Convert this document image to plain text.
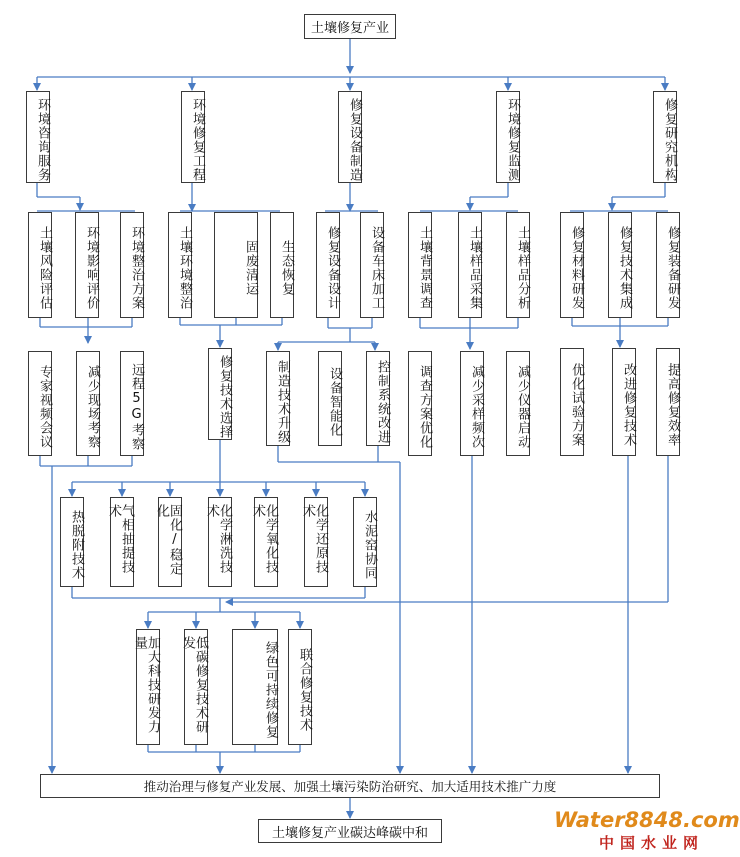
土壤修复产业
环境咨询服务	环境修复工程	修复设备制造	环境修复监测	修复研究机构
土壤风险评估	环境影响评价	环境整治方案	土壤环境整治	固废清运	生态恢复	修复设备设计	设备车床加工	土壤背景调查	土壤样品采集	土壤样品分析	修复材料研发	修复技术集成	修复装备研发
专家视频会议	减少现场考察	远程5G考察	修复技术选择	制造技术升级	设备智能化	控制系统改进	调查方案优化	减少采样频次	减少仪器启动	优化试验方案	改进修复技术	提高修复效率
热脱附技术	气相抽提技术	固化/稳定化	化学淋洗技术	化学氧化技术	化学还原技术	水泥窑协同
加大科技研发力量	低碳修复技术研发	绿色可持续修复	联合修复技术
推动治理与修复产业发展、加强土壤污染防治研究、加大适用技术推广力度
土壤修复产业碳达峰碳中和
Water8848.com
中国水业网
